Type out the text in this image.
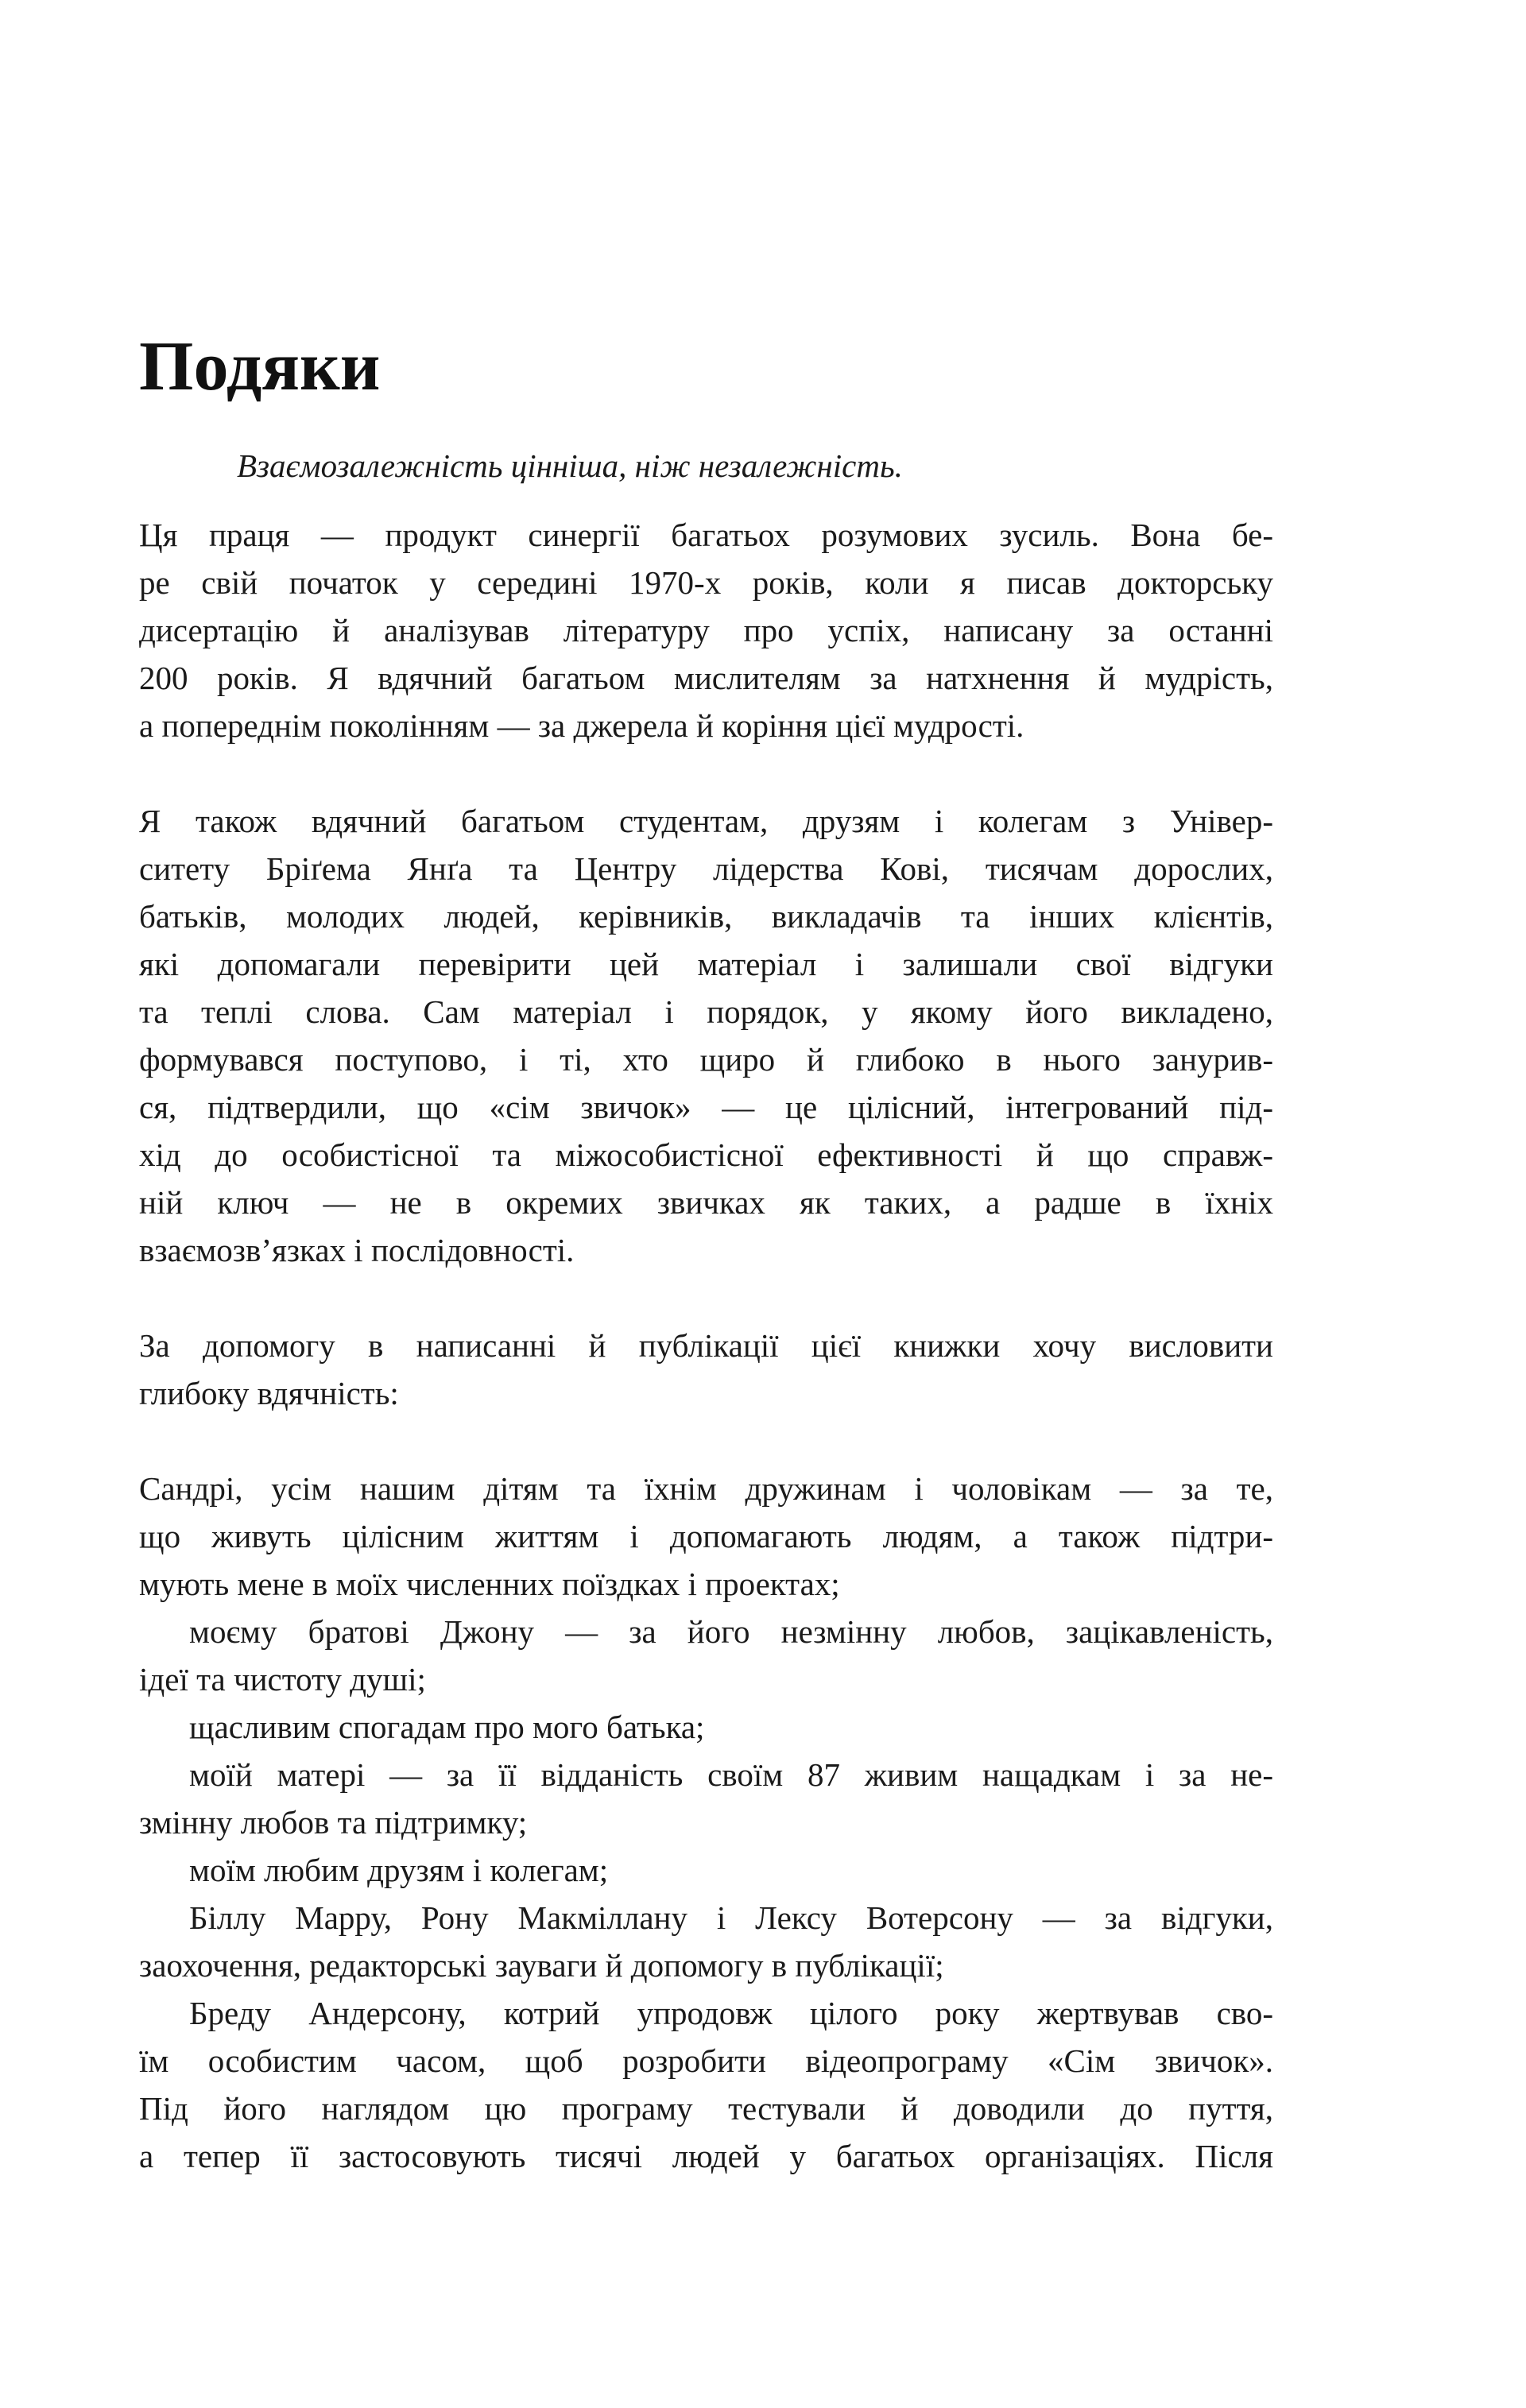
Подяки

Взаємозалежність цінніша, ніж незалежність.

Ця праця — продукт синергії багатьох розумових зусиль. Вона бе-
ре свій початок у середині 1970-х років, коли я писав докторську
дисертацію й аналізував літературу про успіх, написану за останні
200 років. Я вдячний багатьом мислителям за натхнення й мудрість,
а попереднім поколінням — за джерела й коріння цієї мудрості.
Я також вдячний багатьом студентам, друзям і колегам з Універ-
ситету Бріґема Янґа та Центру лідерства Кові, тисячам дорослих,
батьків, молодих людей, керівників, викладачів та інших клієнтів,
які допомагали перевірити цей матеріал і залишали свої відгуки
та теплі слова. Сам матеріал і порядок, у якому його викладено,
формувався поступово, і ті, хто щиро й глибоко в нього занурив-
ся, підтвердили, що «сім звичок» — це цілісний, інтегрований під-
хід до особистісної та міжособистісної ефективності й що справж-
ній ключ — не в окремих звичках як таких, а радше в їхніх
взаємозв’язках і послідовності.
За допомогу в написанні й публікації цієї книжки хочу висловити
глибоку вдячність:
Сандрі, усім нашим дітям та їхнім дружинам і чоловікам — за те,
що живуть цілісним життям і допомагають людям, а також підтри-
мують мене в моїх численних поїздках і проектах;
моєму братові Джону — за його незмінну любов, зацікавленість,
ідеї та чистоту душі;
щасливим спогадам про мого батька;
моїй матері — за її відданість своїм 87 живим нащадкам і за не-
змінну любов та підтримку;
моїм любим друзям і колегам;
Біллу Марру, Рону Макміллану і Лексу Вотерсону — за відгуки,
заохочення, редакторські зауваги й допомогу в публікації;
Бреду Андерсону, котрий упродовж цілого року жертвував сво-
їм особистим часом, щоб розробити відеопрограму «Сім звичок».
Під його наглядом цю програму тестували й доводили до пуття,
а тепер її застосовують тисячі людей у багатьох організаціях. Після
